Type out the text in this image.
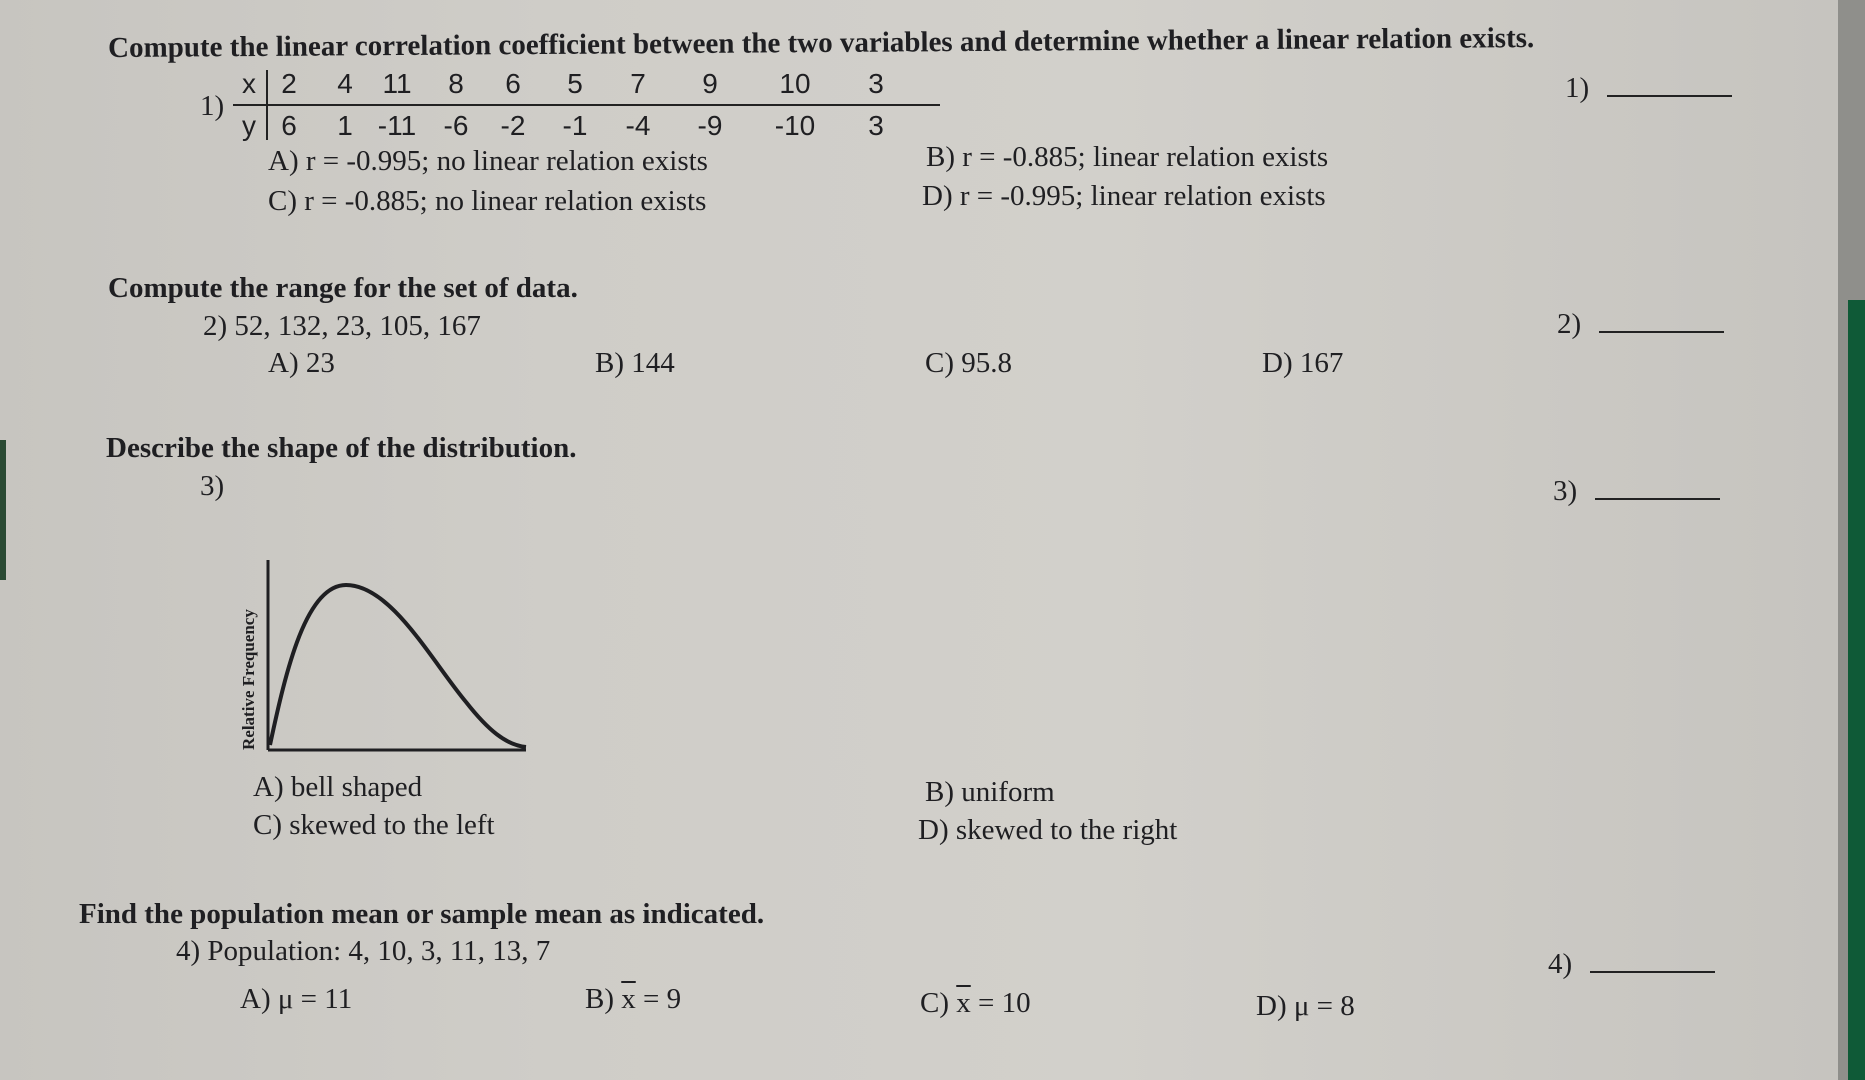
Compute the linear correlation coefficient between the two variables and determine whether a linear relation exists.
1)
x
y
2	4	11	8	6	5	7	9	10	3
6	1 -11 -6	-2	-1	-4	-9	-10	3
1)
A) r = -0.995; no linear relation exists	B) r = -0.885; linear relation exists
C) r = -0.885; no linear relation exists	D) r = -0.995; linear relation exists
Compute the range for the set of data.
2) 52, 132, 23, 105, 167	2)
A) 23	B) 144	C) 95.8	D) 167
Describe the shape of the distribution.
3)	3)
Relative Frequency
A) bell shaped	B) uniform
C) skewed to the left	D) skewed to the right
Find the population mean or sample mean as indicated.
4) Population: 4, 10, 3, 11, 13, 7	4)
A) μ = 11	B) $\overline{x} = 9$	C) $\overline{x} = 10$	D) μ = 8
